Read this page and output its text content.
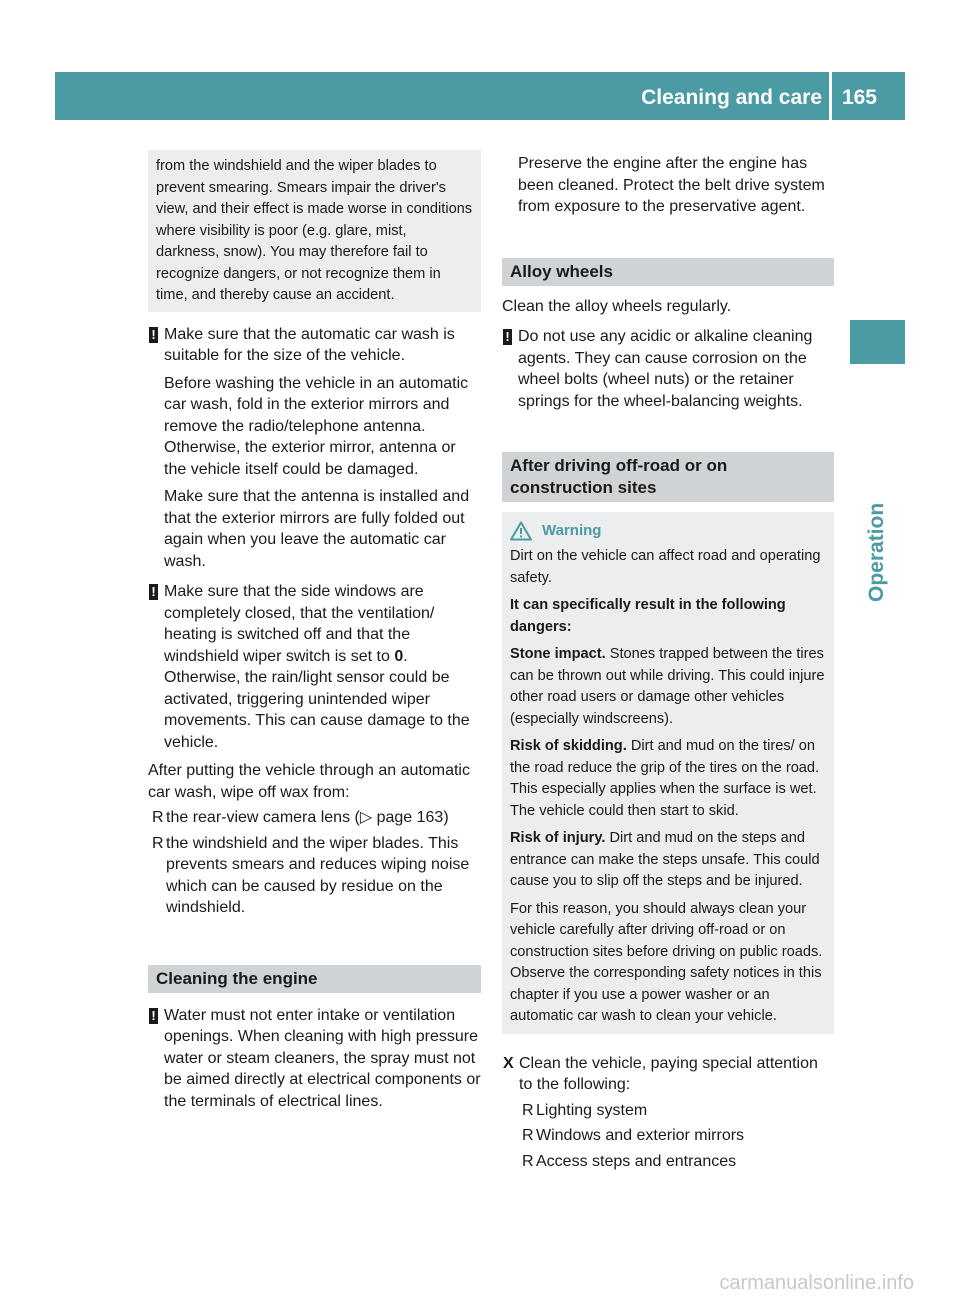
Cleaning and care 165
Operation
from the windshield and the wiper blades to prevent smearing. Smears impair the driver's view, and their effect is made worse in conditions where visibility is poor (e.g. glare, mist, darkness, snow). You may therefore fail to recognize dangers, or not recognize them in time, and thereby cause an accident.
! Make sure that the automatic car wash is suitable for the size of the vehicle.
Before washing the vehicle in an automatic car wash, fold in the exterior mirrors and remove the radio/telephone antenna. Otherwise, the exterior mirror, antenna or the vehicle itself could be damaged.
Make sure that the antenna is installed and that the exterior mirrors are fully folded out again when you leave the automatic car wash.
! Make sure that the side windows are completely closed, that the ventilation/ heating is switched off and that the windshield wiper switch is set to 0. Otherwise, the rain/light sensor could be activated, triggering unintended wiper movements. This can cause damage to the vehicle.
After putting the vehicle through an automatic car wash, wipe off wax from:
R the rear-view camera lens (▷ page 163)
R the windshield and the wiper blades. This prevents smears and reduces wiping noise which can be caused by residue on the windshield.
Cleaning the engine
! Water must not enter intake or ventilation openings. When cleaning with high pressure water or steam cleaners, the spray must not be aimed directly at electrical components or the terminals of electrical lines.
Preserve the engine after the engine has been cleaned. Protect the belt drive system from exposure to the preservative agent.
Alloy wheels
Clean the alloy wheels regularly.
! Do not use any acidic or alkaline cleaning agents. They can cause corrosion on the wheel bolts (wheel nuts) or the retainer springs for the wheel-balancing weights.
After driving off-road or on construction sites
Warning
Dirt on the vehicle can affect road and operating safety.
It can specifically result in the following dangers:
Stone impact. Stones trapped between the tires can be thrown out while driving. This could injure other road users or damage other vehicles (especially windscreens).
Risk of skidding. Dirt and mud on the tires/ on the road reduce the grip of the tires on the road. This especially applies when the surface is wet. The vehicle could then start to skid.
Risk of injury. Dirt and mud on the steps and entrance can make the steps unsafe. This could cause you to slip off the steps and be injured.
For this reason, you should always clean your vehicle carefully after driving off-road or on construction sites before driving on public roads. Observe the corresponding safety notices in this chapter if you use a power washer or an automatic car wash to clean your vehicle.
X Clean the vehicle, paying special attention to the following:
R Lighting system
R Windows and exterior mirrors
R Access steps and entrances
carmanualsonline.info
